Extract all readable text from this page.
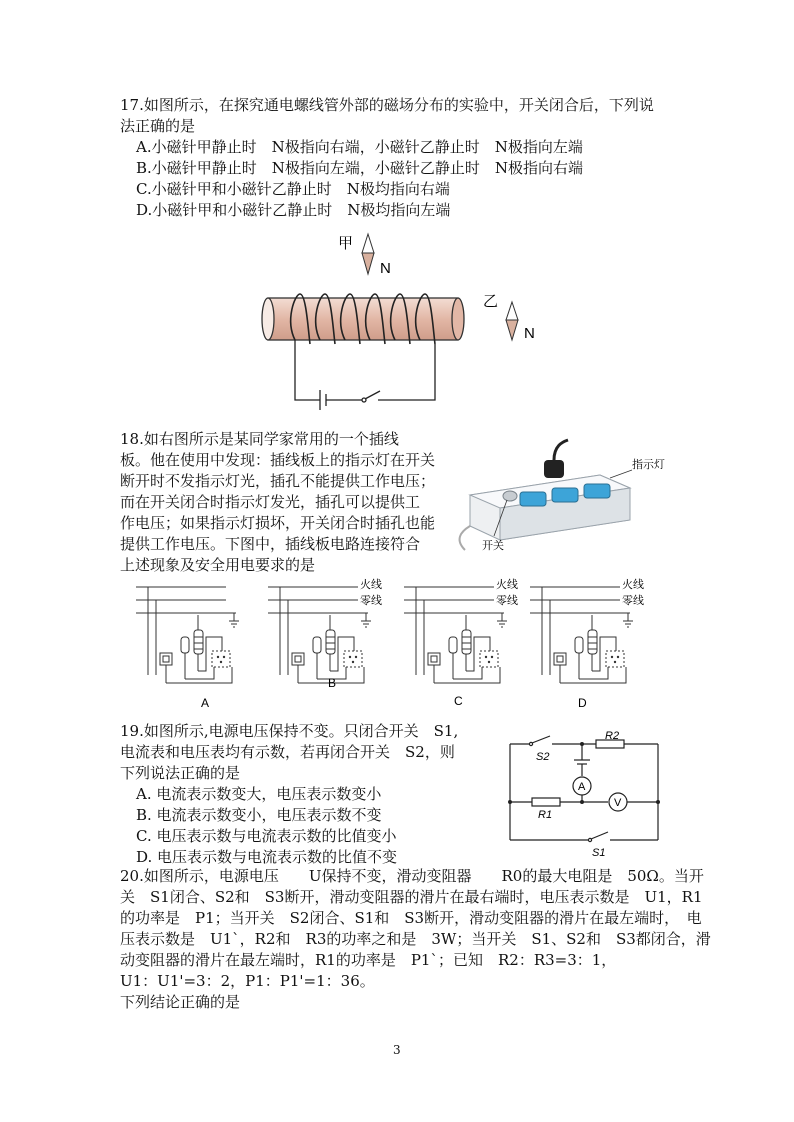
17.如图所示，在探究通电螺线管外部的磁场分布的实验中，开关闭合后，下列说
法正确的是
A.小磁针甲静止时　N极指向右端，小磁针乙静止时　N极指向左端
B.小磁针甲静止时　N极指向左端，小磁针乙静止时　N极指向右端
C.小磁针甲和小磁针乙静止时　N极均指向右端
D.小磁针甲和小磁针乙静止时　N极均指向左端
甲
N
乙
N
18.如右图所示是某同学家常用的一个插线
板。他在使用中发现：插线板上的指示灯在开关
断开时不发指示灯光，插孔不能提供工作电压；
而在开关闭合时指示灯发光，插孔可以提供工
作电压；如果指示灯损坏，开关闭合时插孔也能
提供工作电压。下图中，插线板电路连接符合
上述现象及安全用电要求的是
指示灯
开关
A
火线
零线
B
火线
零线
C
火线
零线
D
19.如图所示,电源电压保持不变。只闭合开关　S1,
电流表和电压表均有示数，若再闭合开关　S2，则
下列说法正确的是
A. 电流表示数变大，电压表示数变小
B. 电流表示数变小，电压表示数不变
C. 电压表示数与电流表示数的比值变小
D. 电压表示数与电流表示数的比值不变
A
V
S2
R2
R1
S1
20.如图所示，电源电压　　U保持不变，滑动变阻器　　R0的最大电阻是　50Ω。当开
关　S1闭合、S2和　S3断开，滑动变阻器的滑片在最右端时，电压表示数是　U1，R1
的功率是　P1；当开关　S2闭合、S1和　S3断开，滑动变阻器的滑片在最左端时，　电
压表示数是　U1`，R2和　R3的功率之和是　3W；当开关　S1、S2和　S3都闭合，滑
动变阻器的滑片在最左端时，R1的功率是　P1`；已知　R2：R3=3：1，
U1：U1'=3：2，P1：P1'=1：36。
下列结论正确的是
3
